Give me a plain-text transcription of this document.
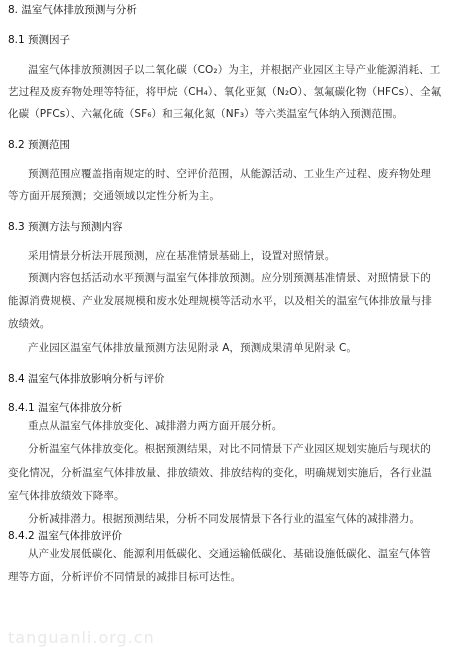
8. 温室气体排放预测与分析
8.1 预测因子
温室气体排放预测因子以二氧化碳（CO₂）为主，并根据产业园区主导产业能源消耗、工
艺过程及废弃物处理等特征，将甲烷（CH₄）、氧化亚氮（N₂O）、氢氟碳化物（HFCs）、全氟
化碳（PFCs）、六氟化硫（SF₆）和三氟化氮（NF₃）等六类温室气体纳入预测范围。
8.2 预测范围
预测范围应覆盖指南规定的时、空评价范围，从能源活动、工业生产过程、废弃物处理
等方面开展预测；交通领域以定性分析为主。
8.3 预测方法与预测内容
采用情景分析法开展预测，应在基准情景基础上，设置对照情景。
预测内容包括活动水平预测与温室气体排放预测。应分别预测基准情景、对照情景下的
能源消费规模、产业发展规模和废水处理规模等活动水平，以及相关的温室气体排放量与排
放绩效。
产业园区温室气体排放量预测方法见附录 A，预测成果清单见附录 C。
8.4 温室气体排放影响分析与评价
8.4.1 温室气体排放分析
重点从温室气体排放变化、减排潜力两方面开展分析。
分析温室气体排放变化。根据预测结果，对比不同情景下产业园区规划实施后与现状的
变化情况，分析温室气体排放量、排放绩效、排放结构的变化，明确规划实施后，各行业温
室气体排放绩效下降率。
分析减排潜力。根据预测结果，分析不同发展情景下各行业的温室气体的减排潜力。
8.4.2 温室气体排放评价
从产业发展低碳化、能源利用低碳化、交通运输低碳化、基础设施低碳化、温室气体管
理等方面，分析评价不同情景的减排目标可达性。
tanguanli.org.cn
